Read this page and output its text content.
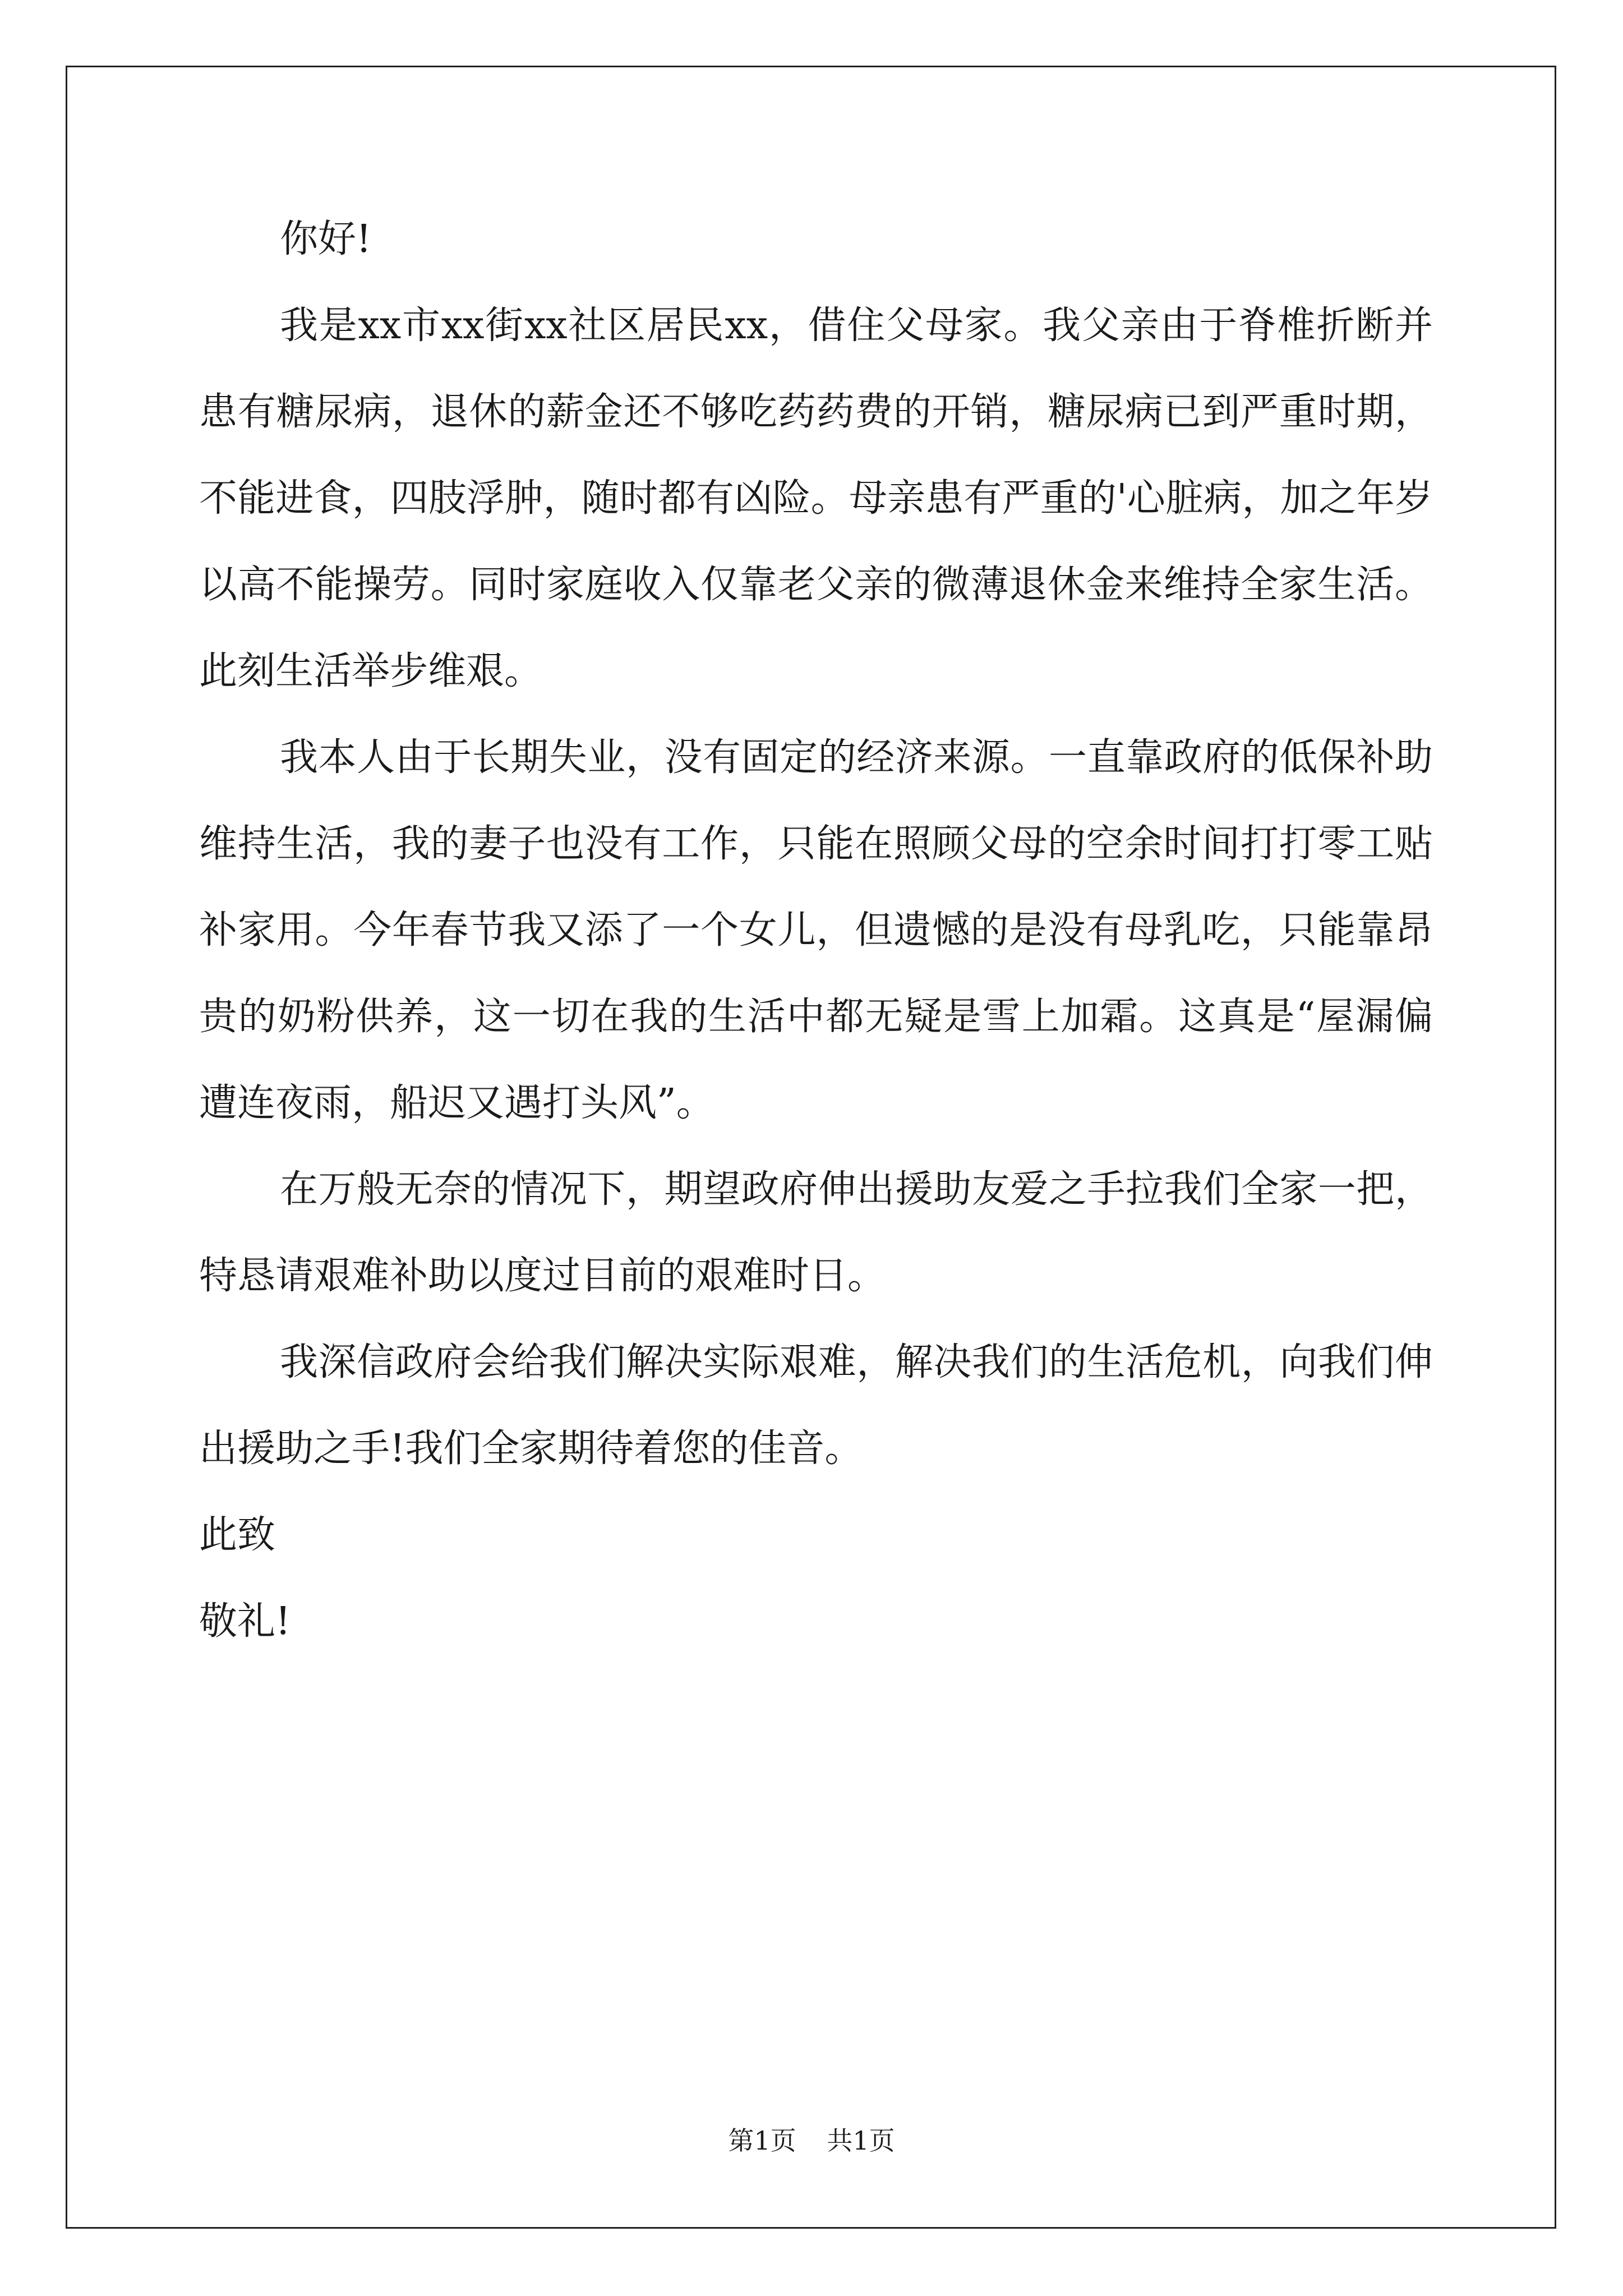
你好!

我是xx市xx街xx社区居民xx，借住父母家。我父亲由于脊椎折断并患有糖尿病，退休的薪金还不够吃药药费的开销，糖尿病已到严重时期，不能进食，四肢浮肿，随时都有凶险。母亲患有严重的'心脏病，加之年岁以高不能操劳。同时家庭收入仅靠老父亲的微薄退休金来维持全家生活。此刻生活举步维艰。

我本人由于长期失业，没有固定的经济来源。一直靠政府的低保补助维持生活，我的妻子也没有工作，只能在照顾父母的空余时间打打零工贴补家用。今年春节我又添了一个女儿，但遗憾的是没有母乳吃，只能靠昂贵的奶粉供养，这一切在我的生活中都无疑是雪上加霜。这真是“屋漏偏遭连夜雨，船迟又遇打头风”。

在万般无奈的情况下，期望政府伸出援助友爱之手拉我们全家一把，特恳请艰难补助以度过目前的艰难时日。

我深信政府会给我们解决实际艰难，解决我们的生活危机，向我们伸出援助之手!我们全家期待着您的佳音。

此致

敬礼!

第1页 共1页
